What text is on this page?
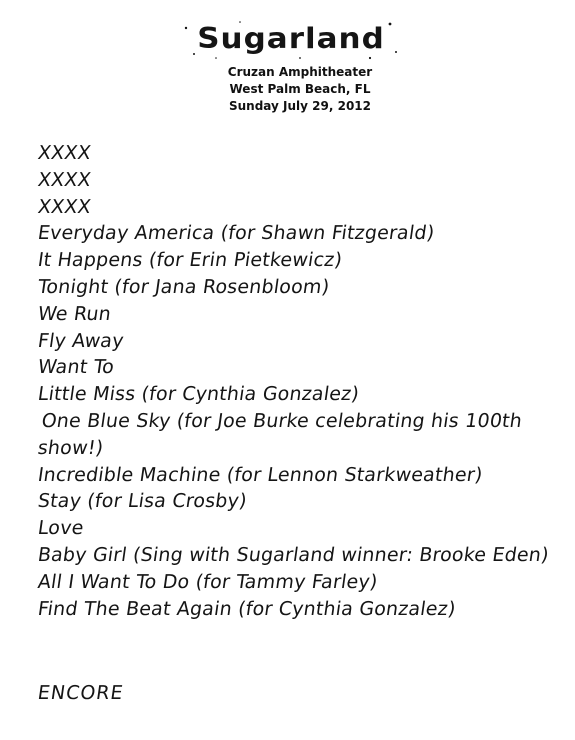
Sugarland
Cruzan Amphitheater
West Palm Beach, FL
Sunday July 29, 2012
XXXX
XXXX
XXXX
Everyday America (for Shawn Fitzgerald)
It Happens (for Erin Pietkewicz)
Tonight (for Jana Rosenbloom)
We Run
Fly Away
Want To
Little Miss (for Cynthia Gonzalez)
One Blue Sky (for Joe Burke celebrating his 100th show!)
Incredible Machine (for Lennon Starkweather)
Stay (for Lisa Crosby)
Love
Baby Girl (Sing with Sugarland winner: Brooke Eden)
All I Want To Do (for Tammy Farley)
Find The Beat Again (for Cynthia Gonzalez)
ENCORE
